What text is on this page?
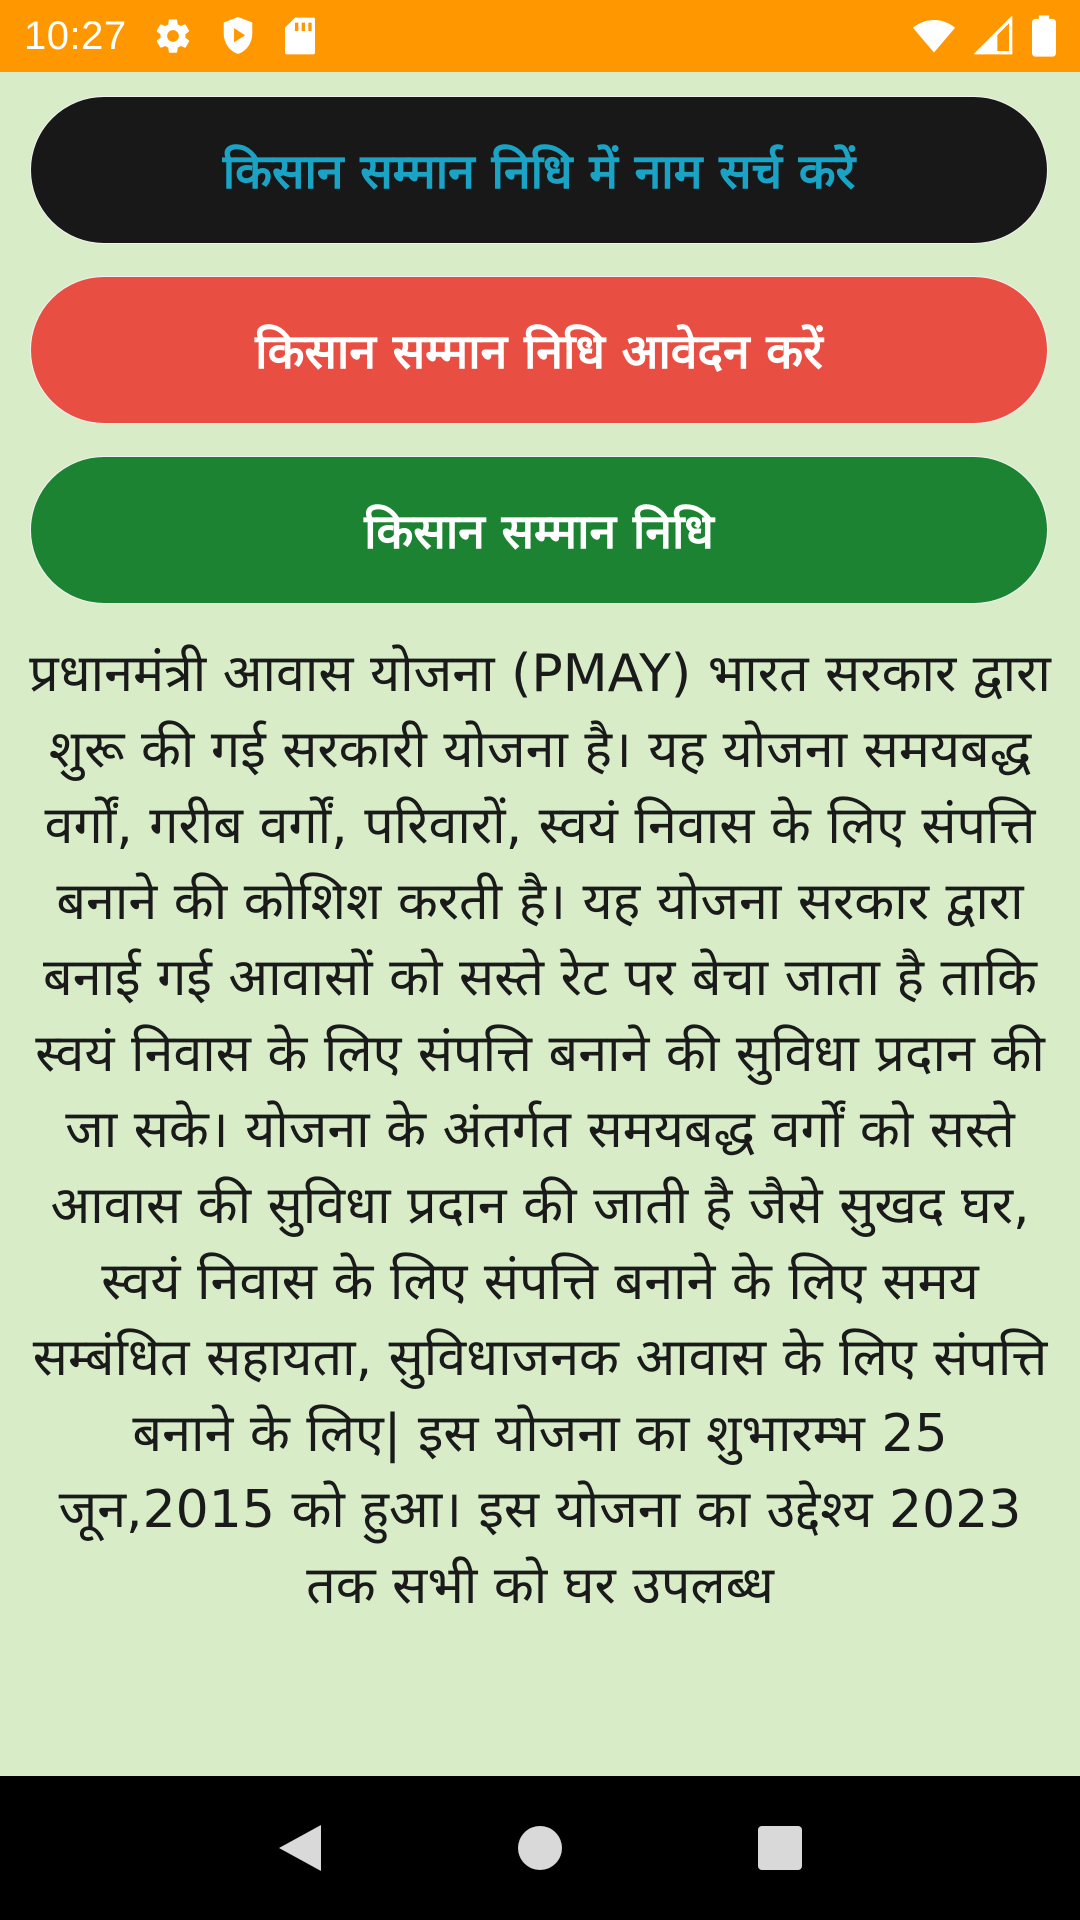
10:27
किसान सम्मान निधि में नाम सर्च करें
किसान सम्मान निधि आवेदन करें
किसान सम्मान निधि

प्रधानमंत्री आवास योजना (PMAY) भारत सरकार द्वारा शुरू की गई सरकारी योजना है। यह योजना समयबद्ध वर्गों, गरीब वर्गों, परिवारों, स्वयं निवास के लिए संपत्ति बनाने की कोशिश करती है। यह योजना सरकार द्वारा बनाई गई आवासों को सस्ते रेट पर बेचा जाता है ताकि स्वयं निवास के लिए संपत्ति बनाने की सुविधा प्रदान की जा सके। योजना के अंतर्गत समयबद्ध वर्गों को सस्ते आवास की सुविधा प्रदान की जाती है जैसे सुखद घर, स्वयं निवास के लिए संपत्ति बनाने के लिए समय सम्बंधित सहायता, सुविधाजनक आवास के लिए संपत्ति बनाने के लिए| इस योजना का शुभारम्भ 25 जून,2015 को हुआ। इस योजना का उद्देश्य 2023 तक सभी को घर उपलब्ध
